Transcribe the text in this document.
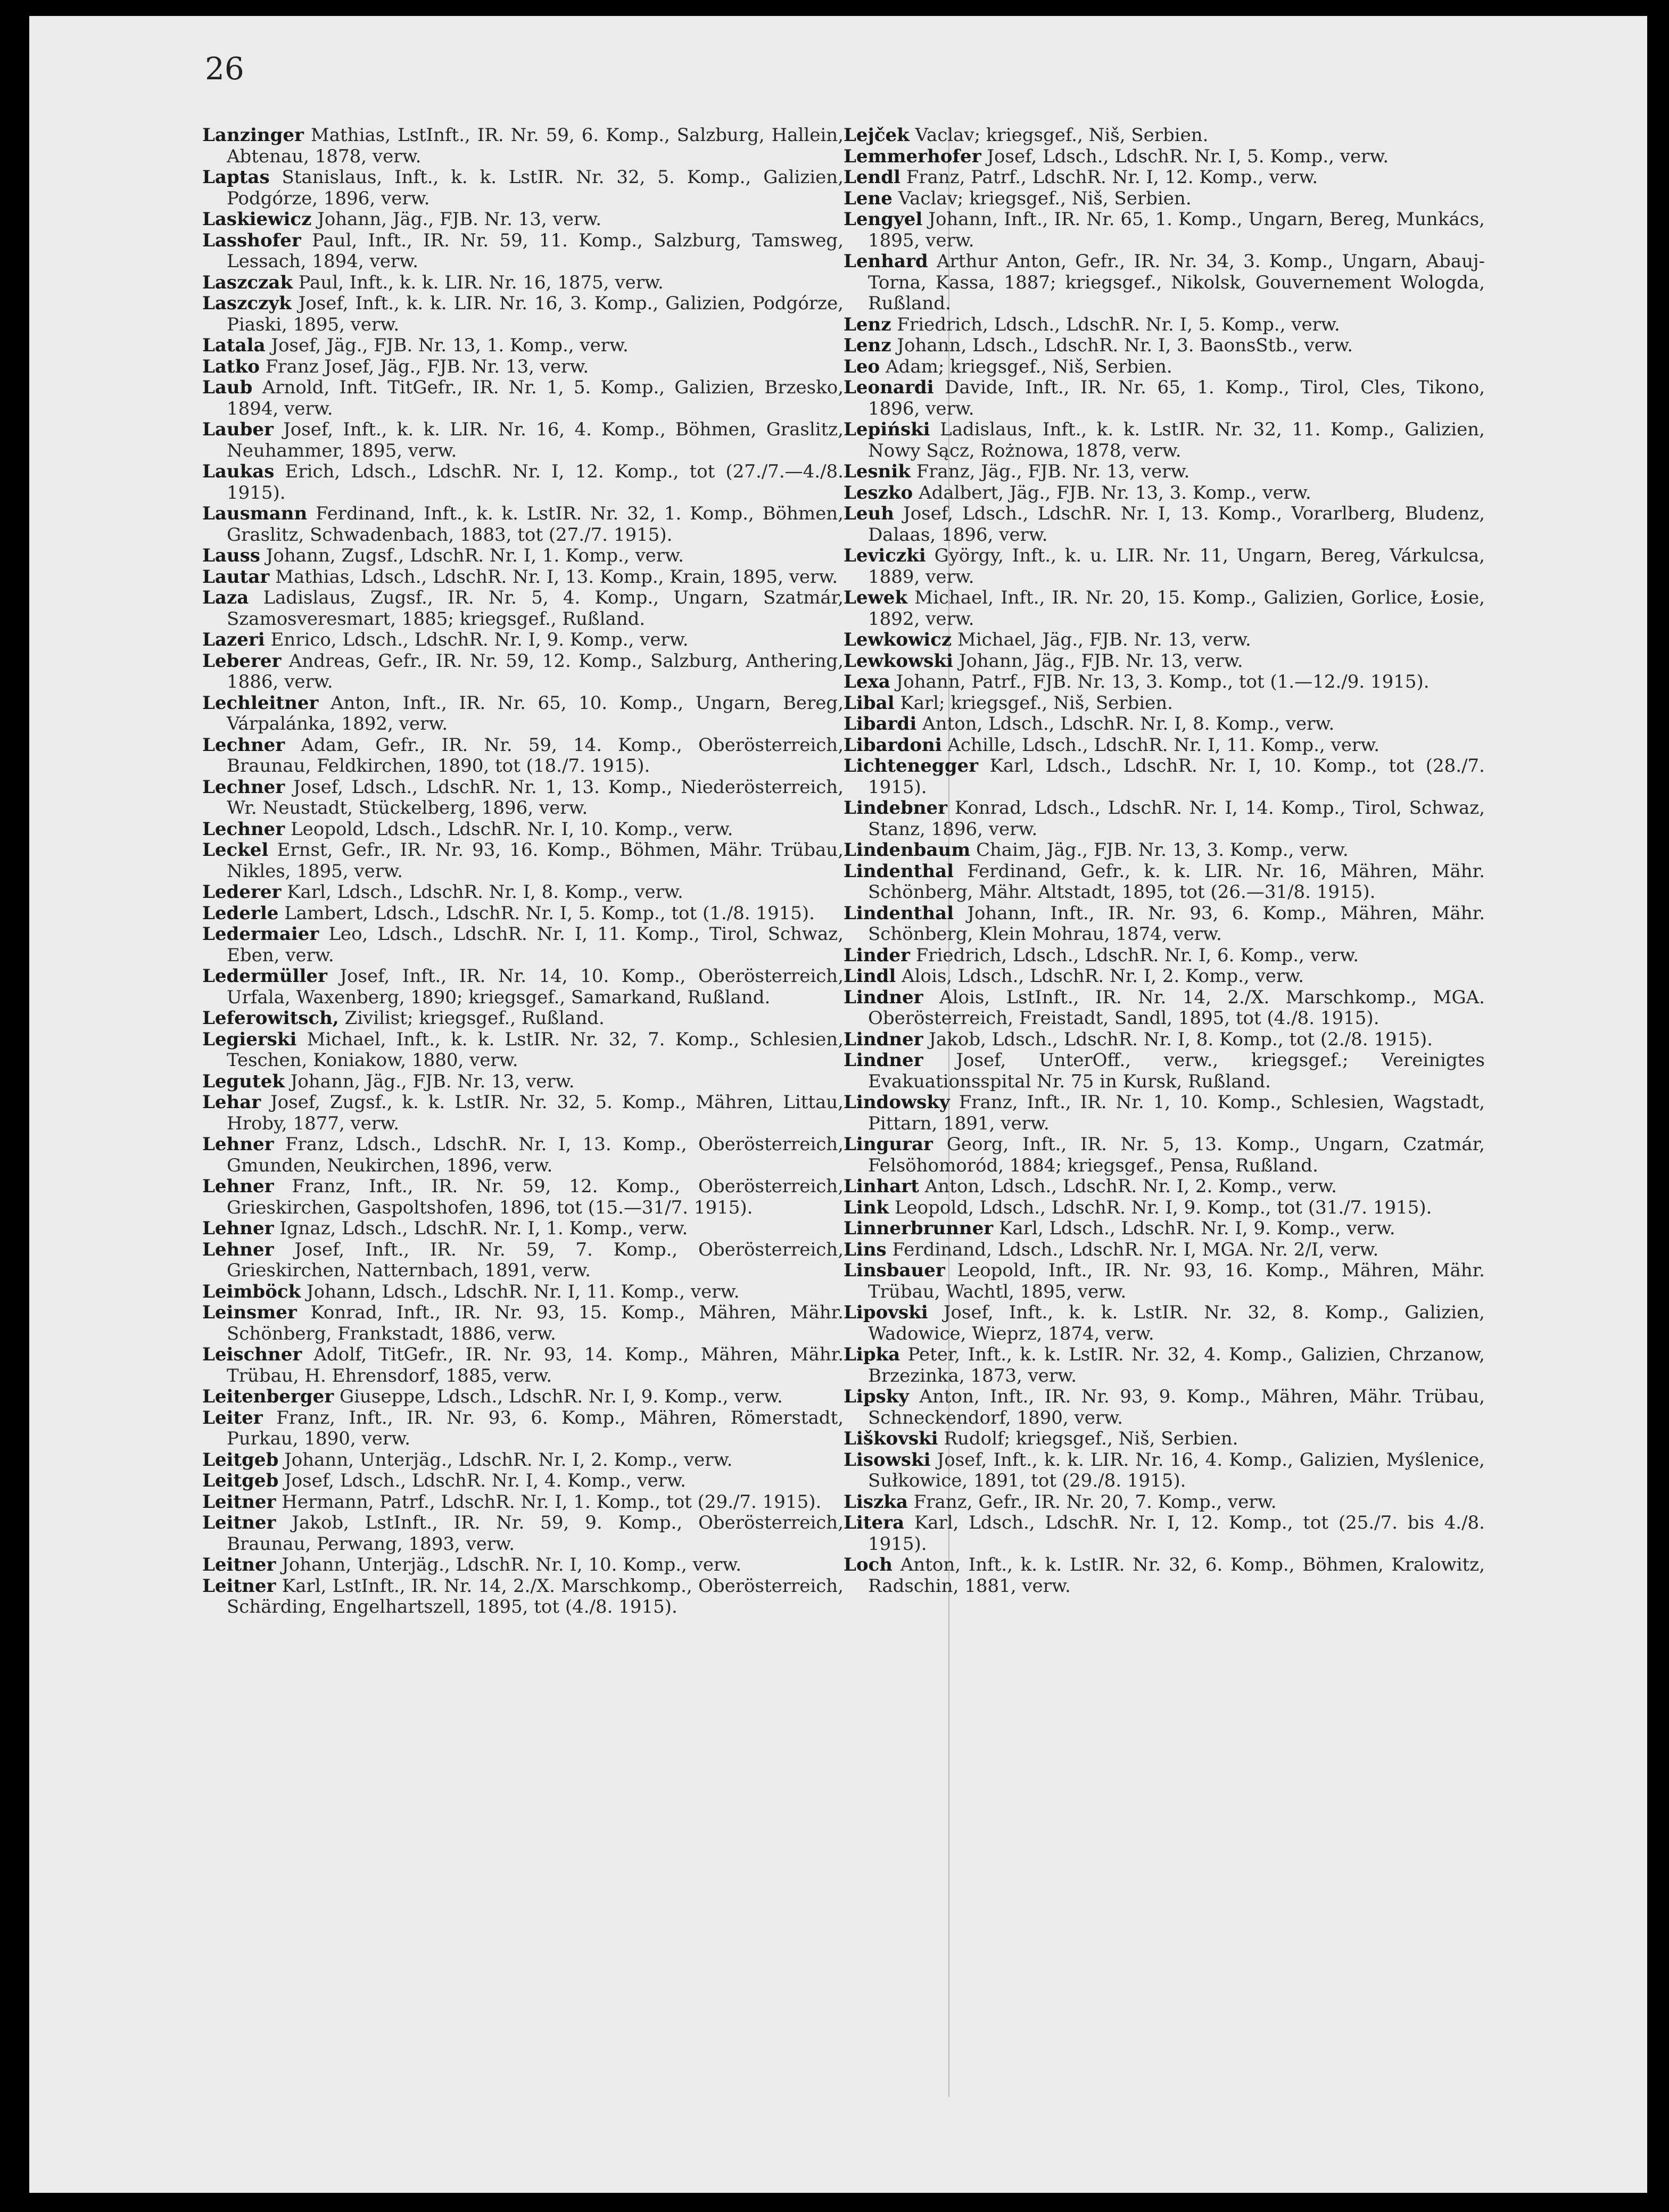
26

Lanzinger Mathias, LstInft., IR. Nr. 59, 6. Komp., Salzburg, Hallein, Abtenau, 1878, verw.

Laptas Stanislaus, Inft., k. k. LstIR. Nr. 32, 5. Komp., Galizien, Podgórze, 1896, verw.

Laskiewicz Johann, Jäg., FJB. Nr. 13, verw.

Lasshofer Paul, Inft., IR. Nr. 59, 11. Komp., Salzburg, Tamsweg, Lessach, 1894, verw.

Laszczak Paul, Inft., k. k. LIR. Nr. 16, 1875, verw.

Laszczyk Josef, Inft., k. k. LIR. Nr. 16, 3. Komp., Galizien, Podgórze, Piaski, 1895, verw.

Latala Josef, Jäg., FJB. Nr. 13, 1. Komp., verw.

Latko Franz Josef, Jäg., FJB. Nr. 13, verw.

Laub Arnold, Inft. TitGefr., IR. Nr. 1, 5. Komp., Galizien, Brzesko, 1894, verw.

Lauber Josef, Inft., k. k. LIR. Nr. 16, 4. Komp., Böhmen, Graslitz, Neuhammer, 1895, verw.

Laukas Erich, Ldsch., LdschR. Nr. I, 12. Komp., tot (27./7.—4./8. 1915).

Lausmann Ferdinand, Inft., k. k. LstIR. Nr. 32, 1. Komp., Böhmen, Graslitz, Schwadenbach, 1883, tot (27./7. 1915).

Lauss Johann, Zugsf., LdschR. Nr. I, 1. Komp., verw.

Lautar Mathias, Ldsch., LdschR. Nr. I, 13. Komp., Krain, 1895, verw.

Laza Ladislaus, Zugsf., IR. Nr. 5, 4. Komp., Ungarn, Szatmár, Szamosveresmart, 1885; kriegsgef., Rußland.

Lazeri Enrico, Ldsch., LdschR. Nr. I, 9. Komp., verw.

Leberer Andreas, Gefr., IR. Nr. 59, 12. Komp., Salzburg, Anthering, 1886, verw.

Lechleitner Anton, Inft., IR. Nr. 65, 10. Komp., Ungarn, Bereg, Várpalánka, 1892, verw.

Lechner Adam, Gefr., IR. Nr. 59, 14. Komp., Oberösterreich, Braunau, Feldkirchen, 1890, tot (18./7. 1915).

Lechner Josef, Ldsch., LdschR. Nr. 1, 13. Komp., Niederösterreich, Wr. Neustadt, Stückelberg, 1896, verw.

Lechner Leopold, Ldsch., LdschR. Nr. I, 10. Komp., verw.

Leckel Ernst, Gefr., IR. Nr. 93, 16. Komp., Böhmen, Mähr. Trübau, Nikles, 1895, verw.

Lederer Karl, Ldsch., LdschR. Nr. I, 8. Komp., verw.

Lederle Lambert, Ldsch., LdschR. Nr. I, 5. Komp., tot (1./8. 1915).

Ledermaier Leo, Ldsch., LdschR. Nr. I, 11. Komp., Tirol, Schwaz, Eben, verw.

Ledermüller Josef, Inft., IR. Nr. 14, 10. Komp., Oberösterreich, Urfala, Waxenberg, 1890; kriegsgef., Samarkand, Rußland.

Leferowitsch, Zivilist; kriegsgef., Rußland.

Legierski Michael, Inft., k. k. LstIR. Nr. 32, 7. Komp., Schlesien, Teschen, Koniakow, 1880, verw.

Legutek Johann, Jäg., FJB. Nr. 13, verw.

Lehar Josef, Zugsf., k. k. LstIR. Nr. 32, 5. Komp., Mähren, Littau, Hroby, 1877, verw.

Lehner Franz, Ldsch., LdschR. Nr. I, 13. Komp., Oberösterreich, Gmunden, Neukirchen, 1896, verw.

Lehner Franz, Inft., IR. Nr. 59, 12. Komp., Oberösterreich, Grieskirchen, Gaspoltshofen, 1896, tot (15.—31/7. 1915).

Lehner Ignaz, Ldsch., LdschR. Nr. I, 1. Komp., verw.

Lehner Josef, Inft., IR. Nr. 59, 7. Komp., Oberösterreich, Grieskirchen, Natternbach, 1891, verw.

Leimböck Johann, Ldsch., LdschR. Nr. I, 11. Komp., verw.

Leinsmer Konrad, Inft., IR. Nr. 93, 15. Komp., Mähren, Mähr. Schönberg, Frankstadt, 1886, verw.

Leischner Adolf, TitGefr., IR. Nr. 93, 14. Komp., Mähren, Mähr. Trübau, H. Ehrensdorf, 1885, verw.

Leitenberger Giuseppe, Ldsch., LdschR. Nr. I, 9. Komp., verw.

Leiter Franz, Inft., IR. Nr. 93, 6. Komp., Mähren, Römerstadt, Purkau, 1890, verw.

Leitgeb Johann, Unterjäg., LdschR. Nr. I, 2. Komp., verw.

Leitgeb Josef, Ldsch., LdschR. Nr. I, 4. Komp., verw.

Leitner Hermann, Patrf., LdschR. Nr. I, 1. Komp., tot (29./7. 1915).

Leitner Jakob, LstInft., IR. Nr. 59, 9. Komp., Oberösterreich, Braunau, Perwang, 1893, verw.

Leitner Johann, Unterjäg., LdschR. Nr. I, 10. Komp., verw.

Leitner Karl, LstInft., IR. Nr. 14, 2./X. Marschkomp., Oberösterreich, Schärding, Engelhartszell, 1895, tot (4./8. 1915).

Lejček Vaclav; kriegsgef., Niš, Serbien.

Lemmerhofer Josef, Ldsch., LdschR. Nr. I, 5. Komp., verw.

Lendl Franz, Patrf., LdschR. Nr. I, 12. Komp., verw.

Lene Vaclav; kriegsgef., Niš, Serbien.

Lengyel Johann, Inft., IR. Nr. 65, 1. Komp., Ungarn, Bereg, Munkács, 1895, verw.

Lenhard Arthur Anton, Gefr., IR. Nr. 34, 3. Komp., Ungarn, Abauj-Torna, Kassa, 1887; kriegsgef., Nikolsk, Gouvernement Wologda, Rußland.

Lenz Friedrich, Ldsch., LdschR. Nr. I, 5. Komp., verw.

Lenz Johann, Ldsch., LdschR. Nr. I, 3. BaonsStb., verw.

Leo Adam; kriegsgef., Niš, Serbien.

Leonardi Davide, Inft., IR. Nr. 65, 1. Komp., Tirol, Cles, Tikono, 1896, verw.

Lepiński Ladislaus, Inft., k. k. LstIR. Nr. 32, 11. Komp., Galizien, Nowy Sącz, Rożnowa, 1878, verw.

Lesnik Franz, Jäg., FJB. Nr. 13, verw.

Leszko Adalbert, Jäg., FJB. Nr. 13, 3. Komp., verw.

Leuh Josef, Ldsch., LdschR. Nr. I, 13. Komp., Vorarlberg, Bludenz, Dalaas, 1896, verw.

Leviczki György, Inft., k. u. LIR. Nr. 11, Ungarn, Bereg, Várkulcsa, 1889, verw.

Lewek Michael, Inft., IR. Nr. 20, 15. Komp., Galizien, Gorlice, Łosie, 1892, verw.

Lewkowicz Michael, Jäg., FJB. Nr. 13, verw.

Lewkowski Johann, Jäg., FJB. Nr. 13, verw.

Lexa Johann, Patrf., FJB. Nr. 13, 3. Komp., tot (1.—12./9. 1915).

Libal Karl; kriegsgef., Niš, Serbien.

Libardi Anton, Ldsch., LdschR. Nr. I, 8. Komp., verw.

Libardoni Achille, Ldsch., LdschR. Nr. I, 11. Komp., verw.

Lichtenegger Karl, Ldsch., LdschR. Nr. I, 10. Komp., tot (28./7. 1915).

Lindebner Konrad, Ldsch., LdschR. Nr. I, 14. Komp., Tirol, Schwaz, Stanz, 1896, verw.

Lindenbaum Chaim, Jäg., FJB. Nr. 13, 3. Komp., verw.

Lindenthal Ferdinand, Gefr., k. k. LIR. Nr. 16, Mähren, Mähr. Schönberg, Mähr. Altstadt, 1895, tot (26.—31/8. 1915).

Lindenthal Johann, Inft., IR. Nr. 93, 6. Komp., Mähren, Mähr. Schönberg, Klein Mohrau, 1874, verw.

Linder Friedrich, Ldsch., LdschR. Nr. I, 6. Komp., verw.

Lindl Alois, Ldsch., LdschR. Nr. I, 2. Komp., verw.

Lindner Alois, LstInft., IR. Nr. 14, 2./X. Marschkomp., MGA. Oberösterreich, Freistadt, Sandl, 1895, tot (4./8. 1915).

Lindner Jakob, Ldsch., LdschR. Nr. I, 8. Komp., tot (2./8. 1915).

Lindner Josef, UnterOff., verw., kriegsgef.; Vereinigtes Evakuationsspital Nr. 75 in Kursk, Rußland.

Lindowsky Franz, Inft., IR. Nr. 1, 10. Komp., Schlesien, Wagstadt, Pittarn, 1891, verw.

Lingurar Georg, Inft., IR. Nr. 5, 13. Komp., Ungarn, Czatmár, Felsöhomoród, 1884; kriegsgef., Pensa, Rußland.

Linhart Anton, Ldsch., LdschR. Nr. I, 2. Komp., verw.

Link Leopold, Ldsch., LdschR. Nr. I, 9. Komp., tot (31./7. 1915).

Linnerbrunner Karl, Ldsch., LdschR. Nr. I, 9. Komp., verw.

Lins Ferdinand, Ldsch., LdschR. Nr. I, MGA. Nr. 2/I, verw.

Linsbauer Leopold, Inft., IR. Nr. 93, 16. Komp., Mähren, Mähr. Trübau, Wachtl, 1895, verw.

Lipovski Josef, Inft., k. k. LstIR. Nr. 32, 8. Komp., Galizien, Wadowice, Wieprz, 1874, verw.

Lipka Peter, Inft., k. k. LstIR. Nr. 32, 4. Komp., Galizien, Chrzanow, Brzezinka, 1873, verw.

Lipsky Anton, Inft., IR. Nr. 93, 9. Komp., Mähren, Mähr. Trübau, Schneckendorf, 1890, verw.

Liškovski Rudolf; kriegsgef., Niš, Serbien.

Lisowski Josef, Inft., k. k. LIR. Nr. 16, 4. Komp., Galizien, Myślenice, Sułkowice, 1891, tot (29./8. 1915).

Liszka Franz, Gefr., IR. Nr. 20, 7. Komp., verw.

Litera Karl, Ldsch., LdschR. Nr. I, 12. Komp., tot (25./7. bis 4./8. 1915).

Loch Anton, Inft., k. k. LstIR. Nr. 32, 6. Komp., Böhmen, Kralowitz, Radschin, 1881, verw.
